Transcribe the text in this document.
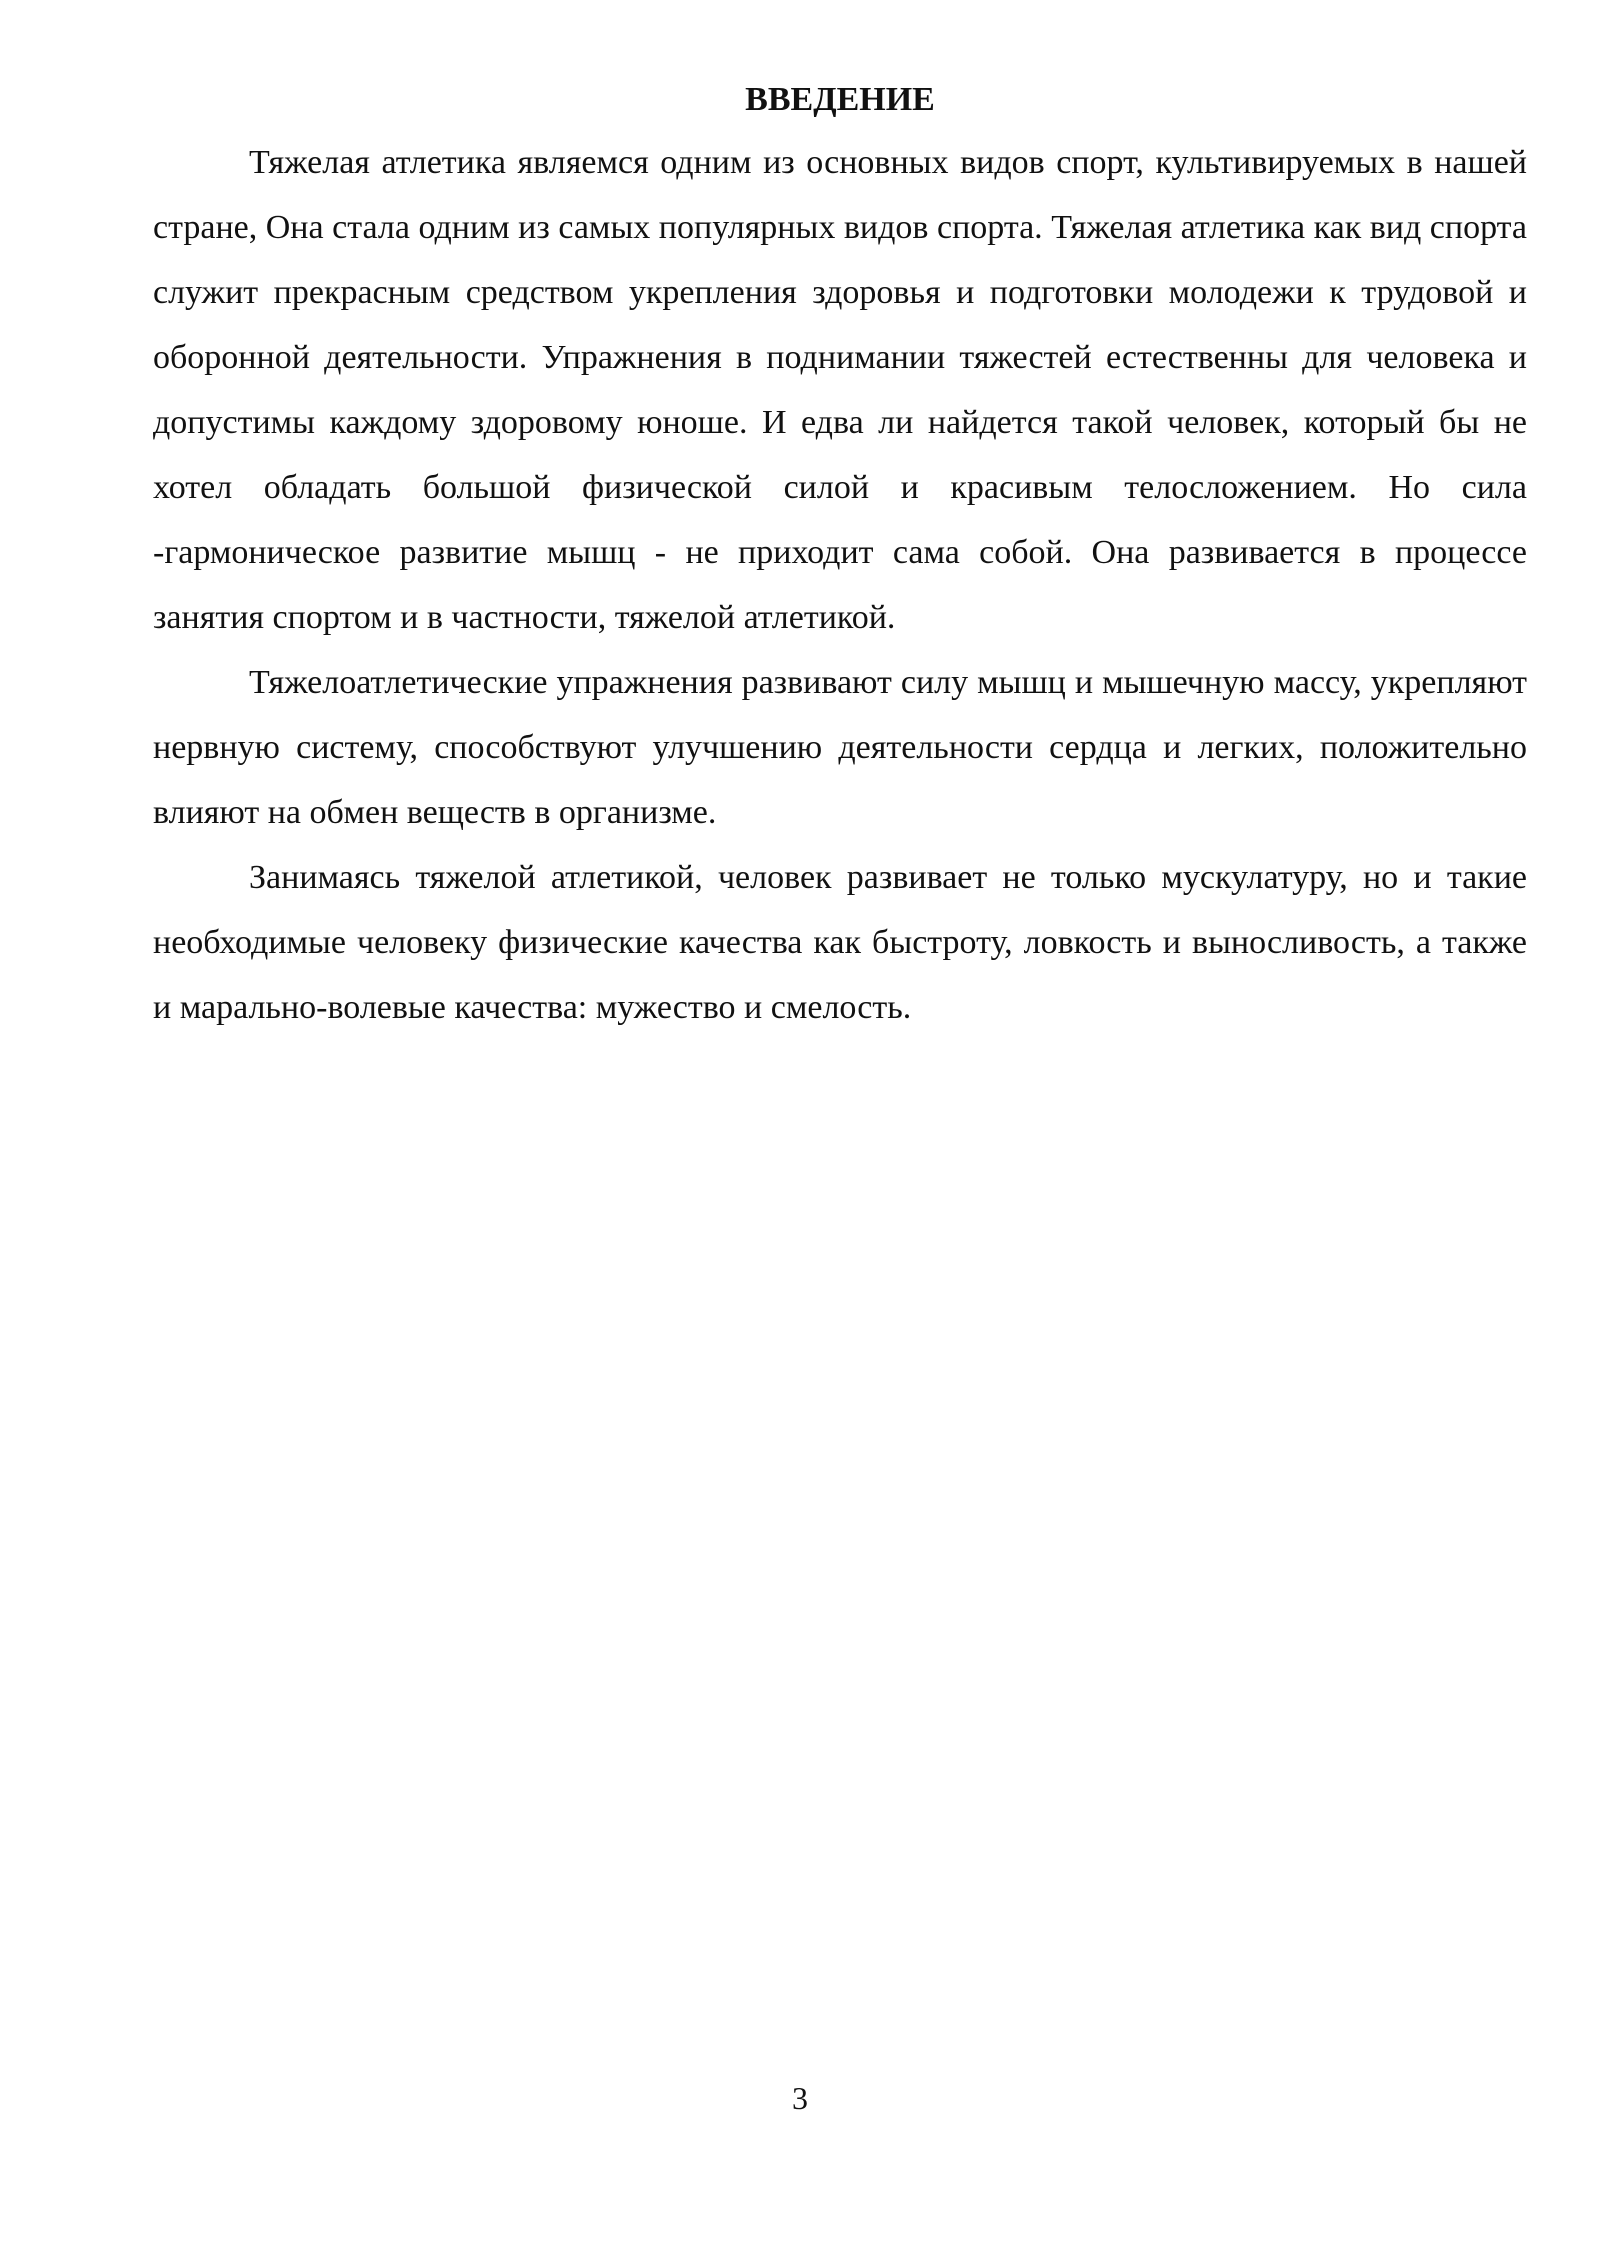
ВВЕДЕНИЕ

Тяжелая атлетика являемся одним из основных видов спорт, культивируемых в нашей стране, Она стала одним из самых популярных видов спорта. Тяжелая атлетика как вид спорта служит прекрасным средством укрепления здоровья и подготовки молодежи к трудовой и оборонной деятельности. Упражнения в поднимании тяжестей естественны для человека и допустимы каждому здоровому юноше. И едва ли найдется такой человек, который бы не хотел обладать большой физической силой и красивым телосложением. Но сила -гармоническое развитие мышц - не приходит сама собой. Она развивается в процессе занятия спортом и в частности, тяжелой атлетикой.

Тяжелоатлетические упражнения развивают силу мышц и мышечную массу, укрепляют нервную систему, способствуют улучшению деятельности сердца и легких, положительно влияют на обмен веществ в организме.

Занимаясь тяжелой атлетикой, человек развивает не только мускулатуру, но и такие необходимые человеку физические качества как быстроту, ловкость и выносливость, а также и марально-волевые качества: мужество и смелость.

3
